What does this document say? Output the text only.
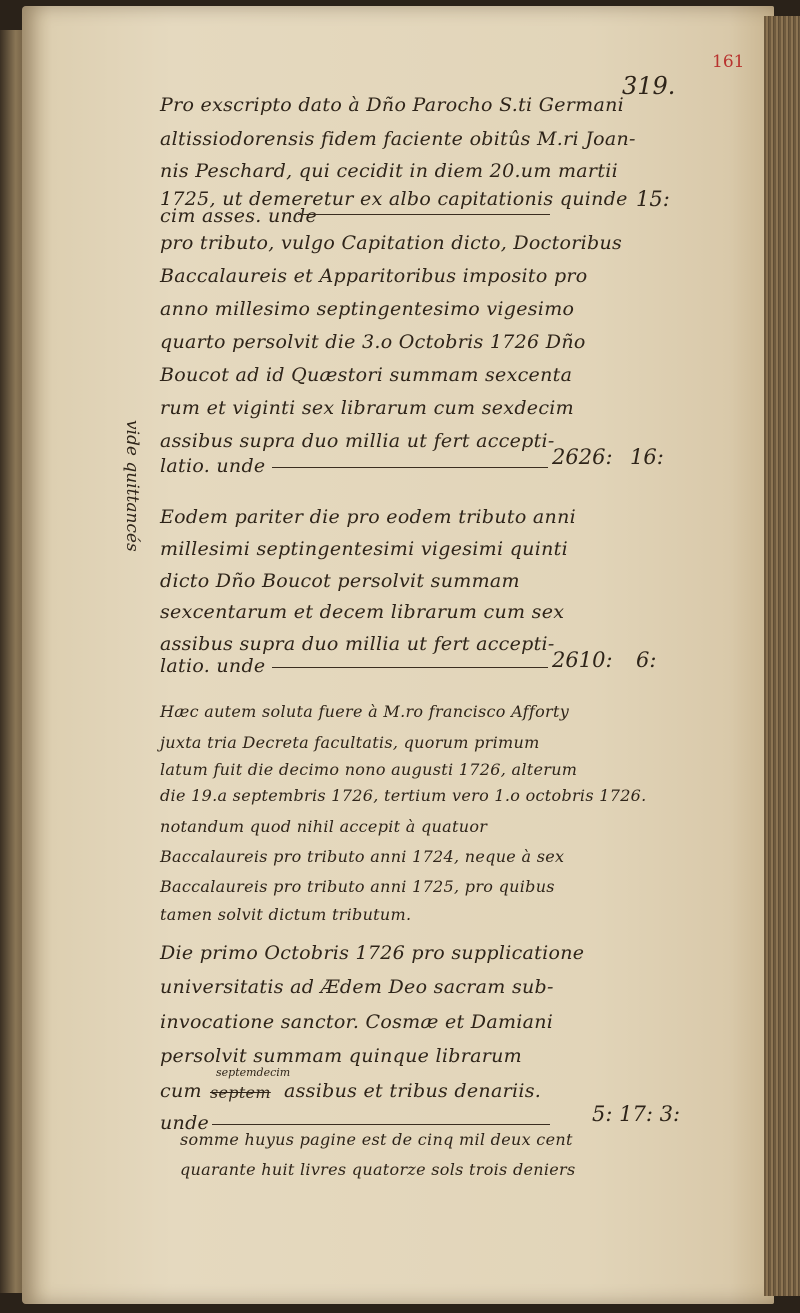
161
319.
Pro exscripto dato à Dño Parocho S.ti Germani
altissiodorensis fidem faciente obitûs M.ri Joan-
nis Peschard, qui cecidit in diem 20.um martii
1725, ut demeretur ex albo capitationis quinde
cim asses. unde
15:
pro tributo, vulgo Capitation dicto, Doctoribus
Baccalaureis et Apparitoribus imposito pro
anno millesimo septingentesimo vigesimo
quarto persolvit die 3.o Octobris 1726 Dño
Boucot ad id Quæstori summam sexcenta
rum et viginti sex librarum cum sexdecim
assibus supra duo millia ut fert accepti-
latio. unde	2626: 16:
vide quittancés Eodem pariter die pro eodem tributo anni
millesimi septingentesimi vigesimi quinti
dicto Dño Boucot persolvit summam
sexcentarum et decem librarum cum sex
assibus supra duo millia ut fert accepti-
latio. unde	2610: 6:
Hæc autem soluta fuere à M.ro francisco Afforty
juxta tria Decreta facultatis, quorum primum
latum fuit die decimo nono augusti 1726, alterum
die 19.a septembris 1726, tertium vero 1.o octobris 1726.
notandum quod nihil accepit à quatuor
Baccalaureis pro tributo anni 1724, neque à sex
Baccalaureis pro tributo anni 1725, pro quibus
tamen solvit dictum tributum.
Die primo Octobris 1726 pro supplicatione
universitatis ad Ædem Deo sacram sub-
invocatione sanctor. Cosmæ et Damiani
persolvit summam quinque librarum
cum septem
septemdecim
assibus et tribus denariis.
unde	5: 17: 3:
somme huyus pagine est de cinq mil deux cent
quarante huit livres quatorze sols trois deniers
